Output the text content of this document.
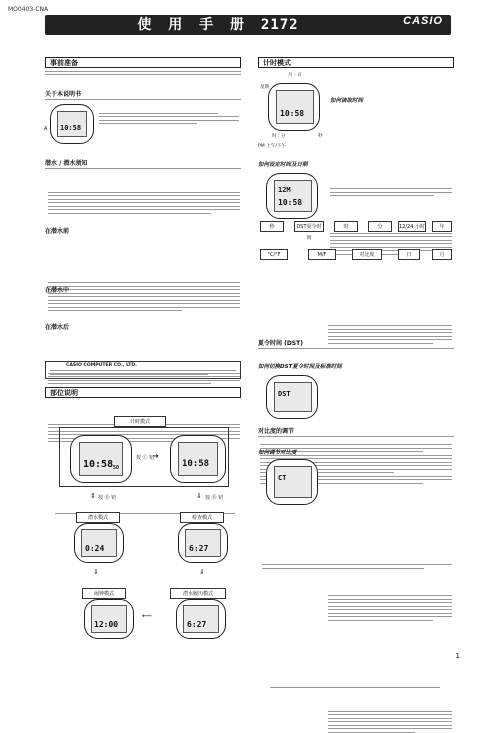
MO0403-CNA
使 用 手 册 2172	CASIO
事前准备
关于本说明书
10:58
A
潜水 / 潜水须知
在潜水前
在潜水中
在潜水后
CASIO COMPUTER CO., LTD.
部位说明
计时模式
10:58 50
按 Ⓒ 钮
➜
10:58
⇕ 按 Ⓑ 钮	⇓ 按 Ⓑ 钮
潜水模式
0:24
检查模式
6:27
⇓	⇓
闹钟模式
12:00
⟵
潜水履历模式
6:27
计时模式
月 - 日
星期
10:58
时 : 分
PM 上午/下午
秒
如何读取时间
如何设定时间及日期
12M
10:58
秒	DST夏令时间
时	分	12/24 小时	年
°C/°F	M/F	对比度	日	月
夏令时间 (DST)
如何切换DST夏令时间及标准时间
DST
对比度的调节
如何调节对比度
CT
1
